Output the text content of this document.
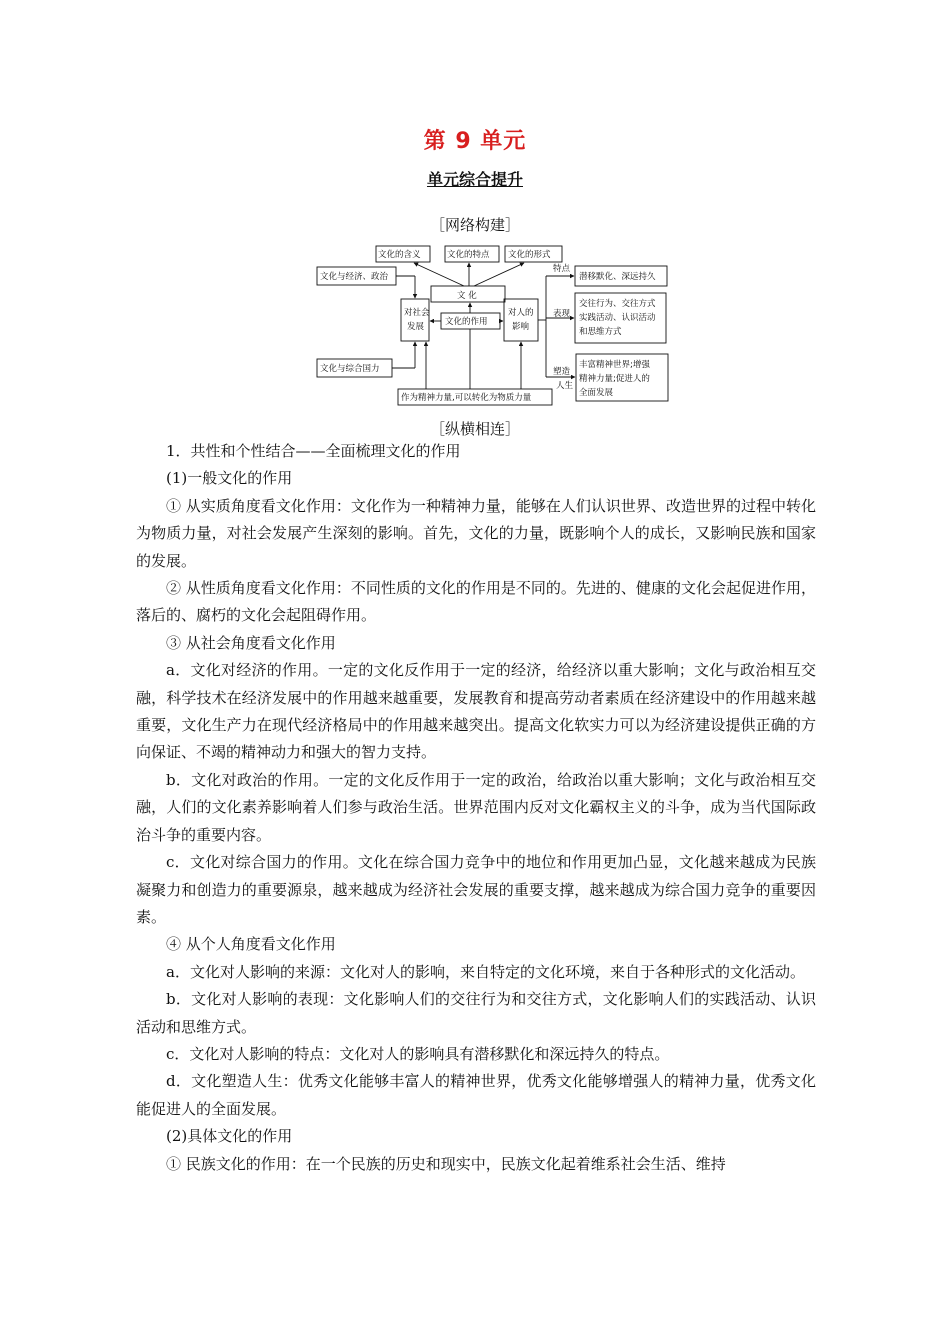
第 9 单元
单元综合提升
［网络构建］
文化的含义	文化的特点 文化的形式
文化与经济、政治
文化与综合国力
文 化
对社会
发展 文化的作用
对人的
影响
作为精神力量,可以转化为物质力量
特点
表现
塑造
人生
潜移默化、深远持久
交往行为、交往方式
实践活动、认识活动
和思维方式
丰富精神世界;增强
精神力量;促进人的
全面发展
［纵横相连］

1．共性和个性结合——全面梳理文化的作用

(1)一般文化的作用

① 从实质角度看文化作用：文化作为一种精神力量，能够在人们认识世界、改造世界的过程中转化为物质力量，对社会发展产生深刻的影响。首先，文化的力量，既影响个人的成长，又影响民族和国家的发展。

② 从性质角度看文化作用：不同性质的文化的作用是不同的。先进的、健康的文化会起促进作用，落后的、腐朽的文化会起阻碍作用。

③ 从社会角度看文化作用

a．文化对经济的作用。一定的文化反作用于一定的经济，给经济以重大影响；文化与政治相互交融，科学技术在经济发展中的作用越来越重要，发展教育和提高劳动者素质在经济建设中的作用越来越重要，文化生产力在现代经济格局中的作用越来越突出。提高文化软实力可以为经济建设提供正确的方向保证、不竭的精神动力和强大的智力支持。

b．文化对政治的作用。一定的文化反作用于一定的政治，给政治以重大影响；文化与政治相互交融，人们的文化素养影响着人们参与政治生活。世界范围内反对文化霸权主义的斗争，成为当代国际政治斗争的重要内容。

c．文化对综合国力的作用。文化在综合国力竞争中的地位和作用更加凸显，文化越来越成为民族凝聚力和创造力的重要源泉，越来越成为经济社会发展的重要支撑，越来越成为综合国力竞争的重要因素。

④ 从个人角度看文化作用

a．文化对人影响的来源：文化对人的影响，来自特定的文化环境，来自于各种形式的文化活动。

b．文化对人影响的表现：文化影响人们的交往行为和交往方式，文化影响人们的实践活动、认识活动和思维方式。

c．文化对人影响的特点：文化对人的影响具有潜移默化和深远持久的特点。

d．文化塑造人生：优秀文化能够丰富人的精神世界，优秀文化能够增强人的精神力量，优秀文化能促进人的全面发展。

(2)具体文化的作用

① 民族文化的作用：在一个民族的历史和现实中，民族文化起着维系社会生活、维持
